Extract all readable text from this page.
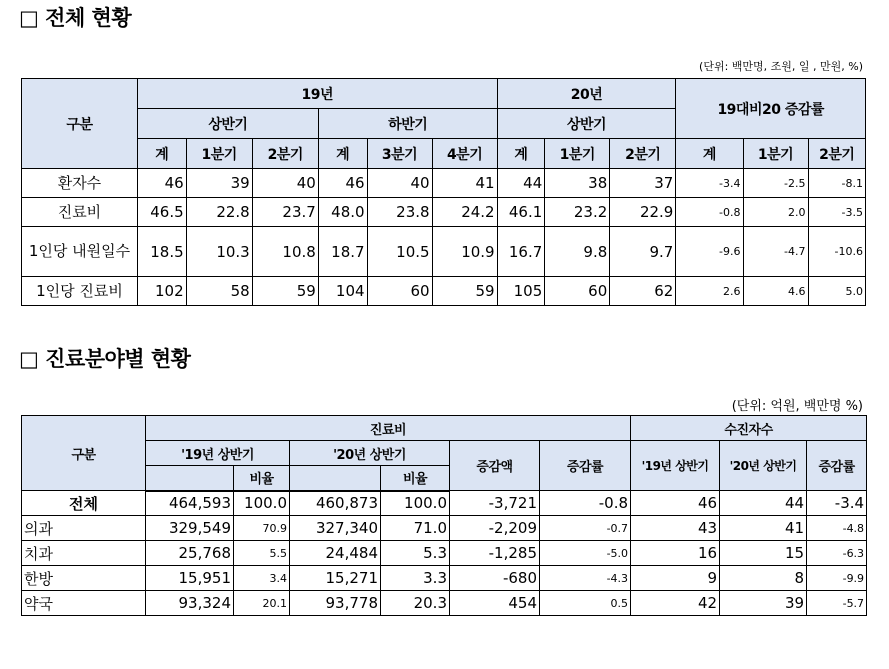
□ 전체 현황
(단위: 백만명, 조원, 일 , 만원, %)
구분	19년						20년			19대비20 증감률		
	상반기			하반기			상반기					
	계	1분기	2분기	계	3분기	4분기	계	1분기	2분기	계	1분기	2분기
환자수	46	39	40	46	40	41	44	38	37	-3.4	-2.5	-8.1
진료비	46.5	22.8	23.7	48.0	23.8	24.2	46.1	23.2	22.9	-0.8	2.0	-3.5
1인당 내원일수	18.5	10.3	10.8	18.7	10.5	10.9	16.7	9.8	9.7	-9.6	-4.7	-10.6
1인당 진료비	102	58	59	104	60	59	105	60	62	2.6	4.6	5.0
□ 진료분야별 현황
(단위: 억원, 백만명 %)
구분	진료비						수진자수		
	'19년 상반기		'20년 상반기		증감액	증감률	'19년 상반기	'20년 상반기	증감률
		비율		비율					
전체	464,593	100.0	460,873	100.0	-3,721	-0.8	46	44	-3.4
의과	329,549	70.9	327,340	71.0	-2,209	-0.7	43	41	-4.8
치과	25,768	5.5	24,484	5.3	-1,285	-5.0	16	15	-6.3
한방	15,951	3.4	15,271	3.3	-680	-4.3	9	8	-9.9
약국	93,324	20.1	93,778	20.3	454	0.5	42	39	-5.7
